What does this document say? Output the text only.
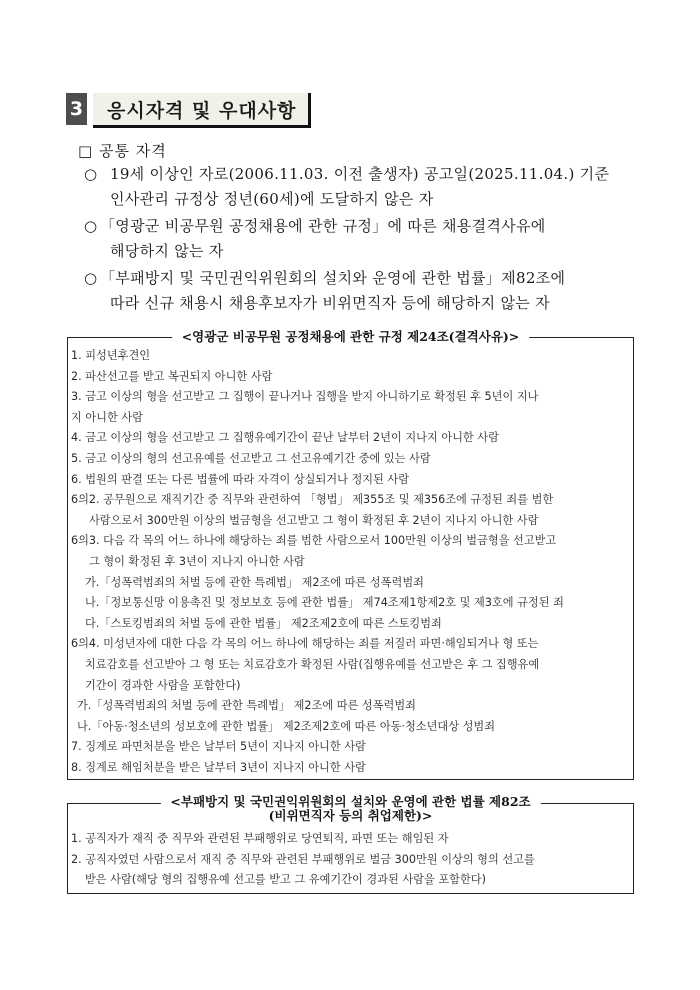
3	응시자격 및 우대사항
□ 공통 자격
○ 19세 이상인 자로(2006.11.03. 이전 출생자) 공고일(2025.11.04.) 기준
인사관리 규정상 정년(60세)에 도달하지 않은 자
○ 「영광군 비공무원 공정채용에 관한 규정」에 따른 채용결격사유에
해당하지 않는 자
○ 「부패방지 및 국민권익위원회의 설치와 운영에 관한 법률」제82조에
따라 신규 채용시 채용후보자가 비위면직자 등에 해당하지 않는 자
<영광군 비공무원 공정채용에 관한 규정 제24조(결격사유)>
1. 피성년후견인
2. 파산선고를 받고 복권되지 아니한 사람
3. 금고 이상의 형을 선고받고 그 집행이 끝나거나 집행을 받지 아니하기로 확정된 후 5년이 지나
지 아니한 사람
4. 금고 이상의 형을 선고받고 그 집행유예기간이 끝난 날부터 2년이 지나지 아니한 사람
5. 금고 이상의 형의 선고유예를 선고받고 그 선고유예기간 중에 있는 사람
6. 법원의 판결 또는 다른 법률에 따라 자격이 상실되거나 정지된 사람
6의2. 공무원으로 재직기간 중 직무와 관련하여 「형법」 제355조 및 제356조에 규정된 죄를 범한
사람으로서 300만원 이상의 벌금형을 선고받고 그 형이 확정된 후 2년이 지나지 아니한 사람
6의3. 다음 각 목의 어느 하나에 해당하는 죄를 범한 사람으로서 100만원 이상의 벌금형을 선고받고
그 형이 확정된 후 3년이 지나지 아니한 사람
가.「성폭력범죄의 처벌 등에 관한 특례법」 제2조에 따른 성폭력범죄
나.「정보통신망 이용촉진 및 정보보호 등에 관한 법률」 제74조제1항제2호 및 제3호에 규정된 죄
다.「스토킹범죄의 처벌 등에 관한 법률」 제2조제2호에 따른 스토킹범죄
6의4. 미성년자에 대한 다음 각 목의 어느 하나에 해당하는 죄를 저질러 파면·해임되거나 형 또는
치료감호를 선고받아 그 형 또는 치료감호가 확정된 사람(집행유예를 선고받은 후 그 집행유예
기간이 경과한 사람을 포함한다)
가.「성폭력범죄의 처벌 등에 관한 특례법」 제2조에 따른 성폭력범죄
나.「아동·청소년의 성보호에 관한 법률」 제2조제2호에 따른 아동·청소년대상 성범죄
7. 징계로 파면처분을 받은 날부터 5년이 지나지 아니한 사람
8. 징계로 해임처분을 받은 날부터 3년이 지나지 아니한 사람
<부패방지 및 국민권익위원회의 설치와 운영에 관한 법률 제82조
(비위면직자 등의 취업제한)>
1. 공직자가 재직 중 직무와 관련된 부패행위로 당연퇴직, 파면 또는 해임된 자
2. 공직자였던 사람으로서 재직 중 직무와 관련된 부패행위로 벌금 300만원 이상의 형의 선고를
받은 사람(해당 형의 집행유예 선고를 받고 그 유예기간이 경과된 사람을 포함한다)
